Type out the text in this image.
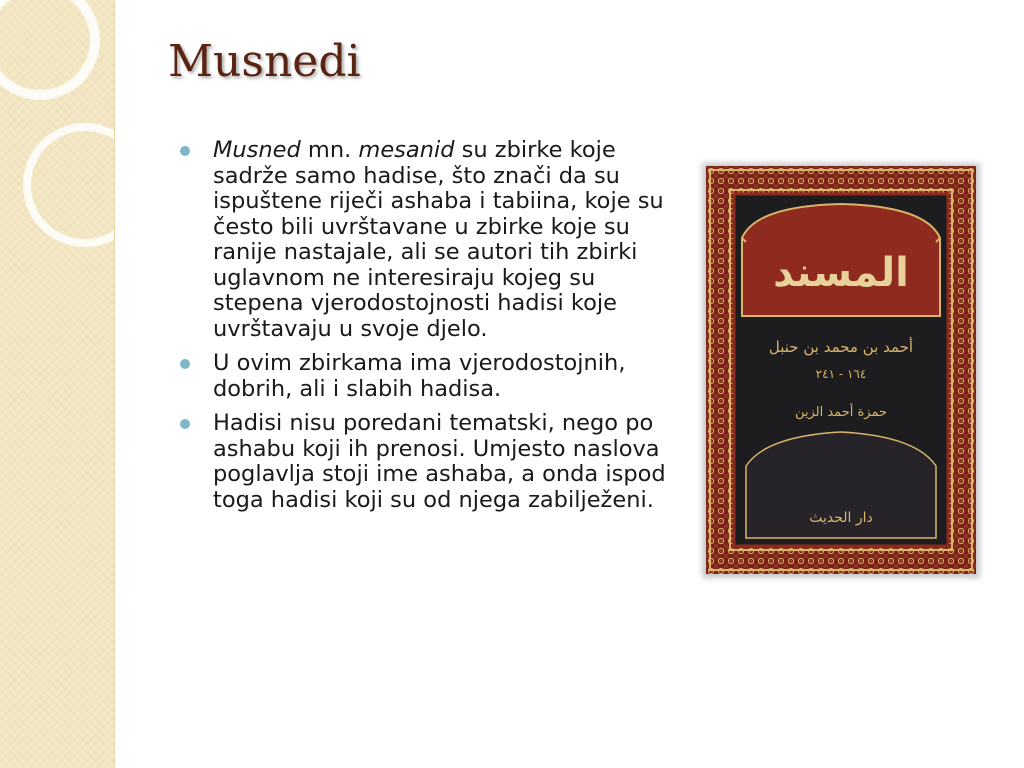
Musnedi
Musned mn. mesanid su zbirke koje sadrže samo hadise, što znači da su ispuštene riječi ashaba i tabiina, koje su često bili uvrštavane u zbirke koje su ranije nastajale, ali se autori tih zbirki uglavnom ne interesiraju kojeg su stepena vjerodostojnosti hadisi koje uvrštavaju u svoje djelo.
U ovim zbirkama ima vjerodostojnih, dobrih, ali i slabih hadisa.
Hadisi nisu poredani tematski, nego po ashabu koji ih prenosi. Umjesto naslova poglavlja stoji ime ashaba, a onda ispod toga hadisi koji su od njega zabilježeni.
المسند
أحمد بن محمد بن حنبل
١٦٤ - ٢٤١
حمزة أحمد الزين
دار الحديث
